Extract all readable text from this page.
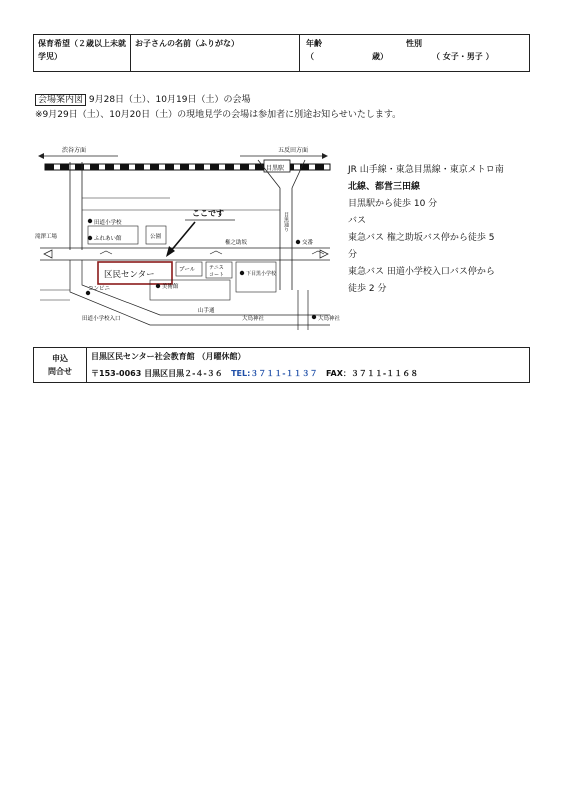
保育希望（２歳以上未就学児）	お子さんの名前（ふりがな）	年齢	性別
（	歳）	（ 女子・男子 ）
会場案内図 9月28日（土）、10月19日（土）の会場
※9月29日（土）、10月20日（土）の現地見学の会場は参加者に別途お知らせいたします。
渋谷方面	五反田方面
目黒駅
目黒通り
田道小学校
ふれあい館	公園
滝澤工場
ここです
権之助坂	交番
区民センター	プール	テニス
コート	下目黒小学校
美術館
コンビニ
山手通
田道小学校入口	大鳥神社	大鳥神社
JR 山手線・東急目黒線・東京メトロ南
北線、都営三田線
目黒駅から徒歩 10 分
バス
東急バス 権之助坂バス停から徒歩 5
分
東急バス 田道小学校入口バス停から
徒歩 2 分
申込
問合せ
	目黒区民センター社会教育館 （月曜休館）
〒153-0063 目黒区目黒２-４-３６ TEL:３７１１-１１３７ FAX：３７１１-１１６８
